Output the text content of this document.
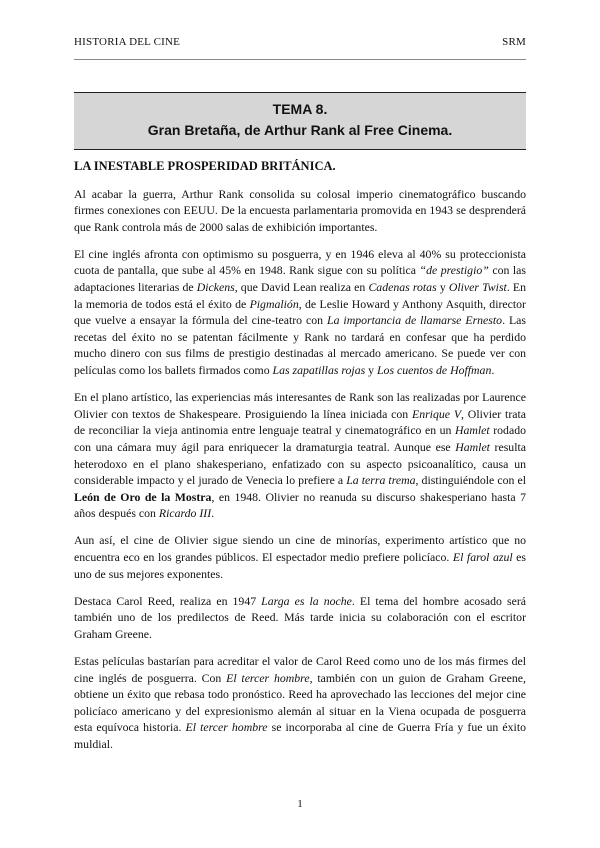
HISTORIA DEL CINE	SRM
TEMA 8.
Gran Bretaña, de Arthur Rank al Free Cinema.
LA INESTABLE PROSPERIDAD BRITÁNICA.

Al acabar la guerra, Arthur Rank consolida su colosal imperio cinematográfico buscando firmes conexiones con EEUU. De la encuesta parlamentaria promovida en 1943 se desprenderá que Rank controla más de 2000 salas de exhibición importantes.

El cine inglés afronta con optimismo su posguerra, y en 1946 eleva al 40% su proteccionista cuota de pantalla, que sube al 45% en 1948. Rank sigue con su política “de prestigio” con las adaptaciones literarias de Dickens, que David Lean realiza en Cadenas rotas y Oliver Twist. En la memoria de todos está el éxito de Pigmalión, de Leslie Howard y Anthony Asquith, director que vuelve a ensayar la fórmula del cine-teatro con La importancia de llamarse Ernesto. Las recetas del éxito no se patentan fácilmente y Rank no tardará en confesar que ha perdido mucho dinero con sus films de prestigio destinadas al mercado americano. Se puede ver con películas como los ballets firmados como Las zapatillas rojas y Los cuentos de Hoffman.

En el plano artístico, las experiencias más interesantes de Rank son las realizadas por Laurence Olivier con textos de Shakespeare. Prosiguiendo la línea iniciada con Enrique V, Olivier trata de reconciliar la vieja antinomia entre lenguaje teatral y cinematográfico en un Hamlet rodado con una cámara muy ágil para enriquecer la dramaturgia teatral. Aunque ese Hamlet resulta heterodoxo en el plano shakesperiano, enfatizado con su aspecto psicoanalítico, causa un considerable impacto y el jurado de Venecia lo prefiere a La terra trema, distinguiéndole con el León de Oro de la Mostra, en 1948. Olivier no reanuda su discurso shakesperiano hasta 7 años después con Ricardo III.

Aun así, el cine de Olivier sigue siendo un cine de minorías, experimento artístico que no encuentra eco en los grandes públicos. El espectador medio prefiere policíaco. El farol azul es uno de sus mejores exponentes.

Destaca Carol Reed, realiza en 1947 Larga es la noche. El tema del hombre acosado será también uno de los predilectos de Reed. Más tarde inicia su colaboración con el escritor Graham Greene.

Estas películas bastarían para acreditar el valor de Carol Reed como uno de los más firmes del cine inglés de posguerra. Con El tercer hombre, también con un guion de Graham Greene, obtiene un éxito que rebasa todo pronóstico. Reed ha aprovechado las lecciones del mejor cine policíaco americano y del expresionismo alemán al situar en la Viena ocupada de posguerra esta equívoca historia. El tercer hombre se incorporaba al cine de Guerra Fría y fue un éxito muldial.

1
